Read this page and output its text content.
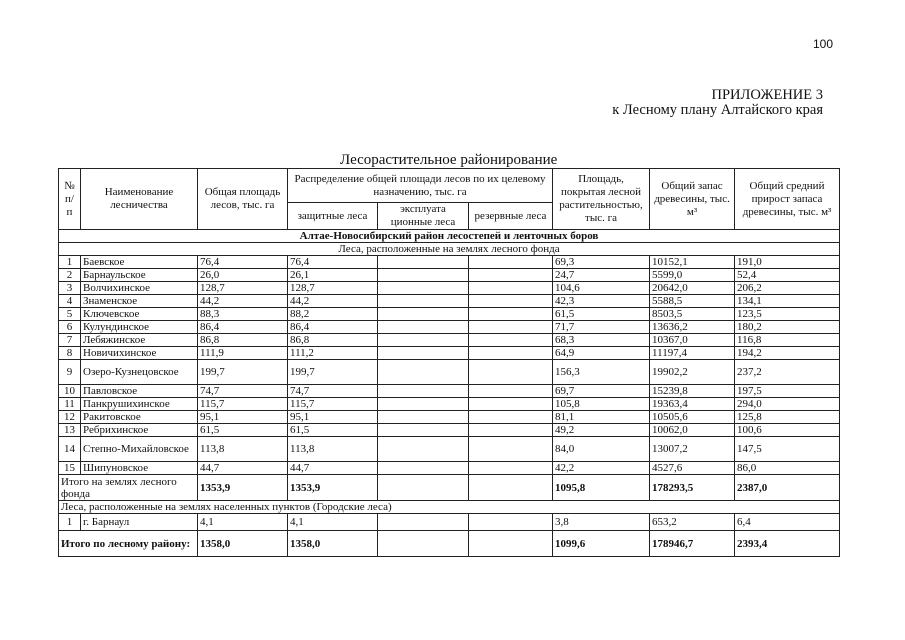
100
ПРИЛОЖЕНИЕ 3
к Лесному плану Алтайского края
Лесорастительное районирование
№ п/ п	Наименование лесничества	Общая площадь лесов, тыс. га	Распределение общей площади лесов по их целевому назначению, тыс. га			Площадь, покрытая лесной растительностью, тыс. га	Общий запас древесины, тыс. м³	Общий средний прирост запаса древесины, тыс. м³
			защитные леса	эксплуата ционные леса	резервные леса			
Алтае-Новосибирский район лесостепей и ленточных боров								
Леса, расположенные на землях лесного фонда								
1	Баевское	76,4	76,4			69,3	10152,1	191,0
2	Барнаульское	26,0	26,1			24,7	5599,0	52,4
3	Волчихинское	128,7	128,7			104,6	20642,0	206,2
4	Знаменское	44,2	44,2			42,3	5588,5	134,1
5	Ключевское	88,3	88,2			61,5	8503,5	123,5
6	Кулундинское	86,4	86,4			71,7	13636,2	180,2
7	Лебяжинское	86,8	86,8			68,3	10367,0	116,8
8	Новичихинское	111,9	111,2			64,9	11197,4	194,2
9	Озеро-Кузнецовское	199,7	199,7			156,3	19902,2	237,2
10	Павловское	74,7	74,7			69,7	15239,8	197,5
11	Панкрушихинское	115,7	115,7			105,8	19363,4	294,0
12	Ракитовское	95,1	95,1			81,1	10505,6	125,8
13	Ребрихинское	61,5	61,5			49,2	10062,0	100,6
14	Степно-Михайловское	113,8	113,8			84,0	13007,2	147,5
15	Шипуновское	44,7	44,7			42,2	4527,6	86,0
Итого на землях лесного фонда		1353,9	1353,9			1095,8	178293,5	2387,0
Леса, расположенные на землях населенных пунктов (Городские леса)								
1	г. Барнаул	4,1	4,1			3,8	653,2	6,4
Итого по лесному району:		1358,0	1358,0			1099,6	178946,7	2393,4
